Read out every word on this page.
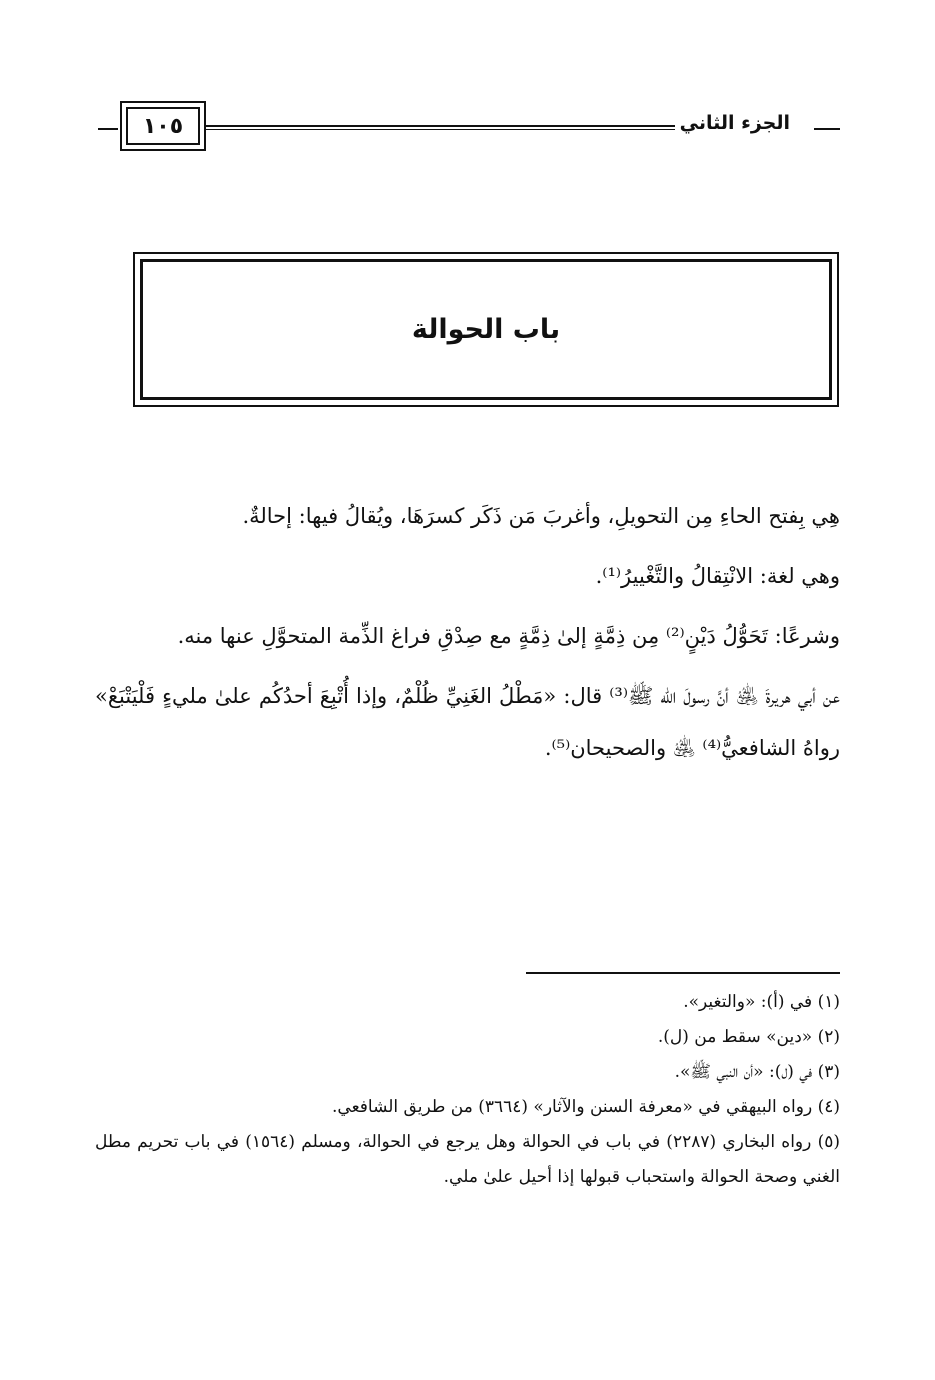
الجزء الثاني
١٠٥
باب الحوالة

هِي بِفتح الحاءِ مِن التحويلِ، وأغربَ مَن ذَكَر كسرَهَا، ويُقالُ فيها: إحالةٌ.

وهي لغة: الانْتِقالُ والتَّغْييرُ⁽¹⁾.

وشرعًا: تَحَوُّلُ دَيْنٍ⁽²⁾ مِن ذِمَّةٍ إلىٰ ذِمَّةٍ مع صِدْقِ فراغ الذِّمة المتحوَّلِ عنها منه.

عن أبي هريرةَ ﵁ أنَّ رسولَ الله ﷺ⁽³⁾ قال: «مَطْلُ الغَنِيِّ ظُلْمٌ، وإذا أُتْبِعَ أحدُكُم علىٰ مليءٍ فَلْيَتْبَعْ» رواهُ الشافعيُّ⁽⁴⁾ ﵁ والصحيحان⁽⁵⁾.

(١) في (أ): «والتغير».

(٢) «دين» سقط من (ل).

(٣) في (ل): «أن النبي ﷺ».

(٤) رواه البيهقي في «معرفة السنن والآثار» (٣٦٦٤) من طريق الشافعي.

(٥) رواه البخاري (٢٢٨٧) في باب في الحوالة وهل يرجع في الحوالة، ومسلم (١٥٦٤) في باب تحريم مطل الغني وصحة الحوالة واستحباب قبولها إذا أحيل علىٰ ملي.
